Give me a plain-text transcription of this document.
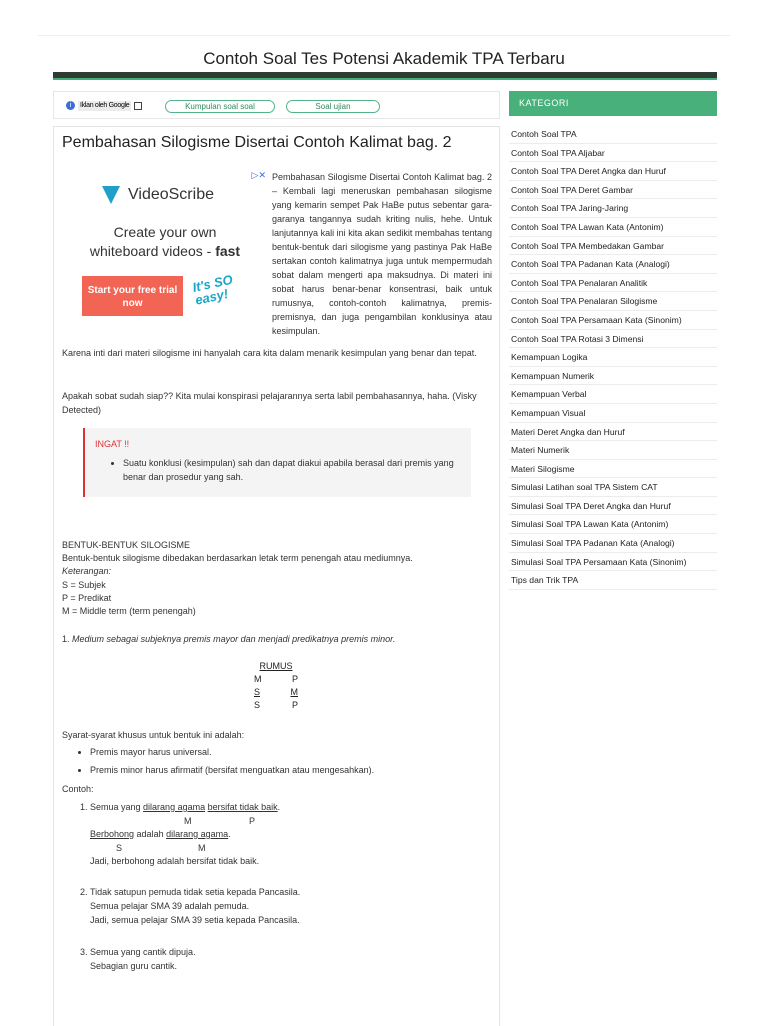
Contoh Soal Tes Potensi Akademik TPA Terbaru
i	Iklan oleh Google	Kumpulan soal soal	Soal ujian
Pembahasan Silogisme Disertai Contoh Kalimat bag. 2
▷✕
VideoScribe
Create your own
whiteboard videos - fast
Start your free trial now
It's SO easy!
Pembahasan Silogisme Disertai Contoh Kalimat bag. 2 – Kembali lagi meneruskan pembahasan silogisme yang kemarin sempet Pak HaBe putus sebentar gara-garanya tangannya sudah kriting nulis, hehe. Untuk lanjutannya kali ini kita akan sedikit membahas tentang bentuk-bentuk dari silogisme yang pastinya Pak HaBe sertakan contoh kalimatnya juga untuk mempermudah sobat dalam mengerti apa maksudnya. Di materi ini sobat harus benar-benar konsentrasi, baik untuk rumusnya, contoh-contoh kalimatnya, premis-premisnya, dan juga pengambilan konklusinya atau kesimpulan.
Karena inti dari materi silogisme ini hanyalah cara kita dalam menarik kesimpulan yang benar dan tepat.
Apakah sobat sudah siap?? Kita mulai konspirasi pelajarannya serta labil pembahasannya, haha. (Visky Detected)
INGAT !!
• Suatu konklusi (kesimpulan) sah dan dapat diakui apabila berasal dari premis yang benar dan prosedur yang sah.
BENTUK-BENTUK SILOGISME
Bentuk-bentuk silogisme dibedakan berdasarkan letak term penengah atau mediumnya.
Keterangan:
S = Subjek
P = Predikat
M = Middle term (term penengah)
1. Medium sebagai subjeknya premis mayor dan menjadi predikatnya premis minor.
RUMUS
M	P
S	M
S	P
Syarat-syarat khusus untuk bentuk ini adalah:
• Premis mayor harus universal.
• Premis minor harus afirmatif (bersifat menguatkan atau mengesahkan).
Contoh:
1. Semua yang dilarang agama bersifat tidak baik.
M	P
Berbohong adalah dilarang agama.
S	M
Jadi, berbohong adalah bersifat tidak baik.
2. Tidak satupun pemuda tidak setia kepada Pancasila.
Semua pelajar SMA 39 adalah pemuda.
Jadi, semua pelajar SMA 39 setia kepada Pancasila.
3. Semua yang cantik dipuja.
Sebagian guru cantik.
KATEGORI
Contoh Soal TPA
Contoh Soal TPA Aljabar
Contoh Soal TPA Deret Angka dan Huruf
Contoh Soal TPA Deret Gambar
Contoh Soal TPA Jaring-Jaring
Contoh Soal TPA Lawan Kata (Antonim)
Contoh Soal TPA Membedakan Gambar
Contoh Soal TPA Padanan Kata (Analogi)
Contoh Soal TPA Penalaran Analitik
Contoh Soal TPA Penalaran Silogisme
Contoh Soal TPA Persamaan Kata (Sinonim)
Contoh Soal TPA Rotasi 3 Dimensi
Kemampuan Logika
Kemampuan Numerik
Kemampuan Verbal
Kemampuan Visual
Materi Deret Angka dan Huruf
Materi Numerik
Materi Silogisme
Simulasi Latihan soal TPA Sistem CAT
Simulasi Soal TPA Deret Angka dan Huruf
Simulasi Soal TPA Lawan Kata (Antonim)
Simulasi Soal TPA Padanan Kata (Analogi)
Simulasi Soal TPA Persamaan Kata (Sinonim)
Tips dan Trik TPA
